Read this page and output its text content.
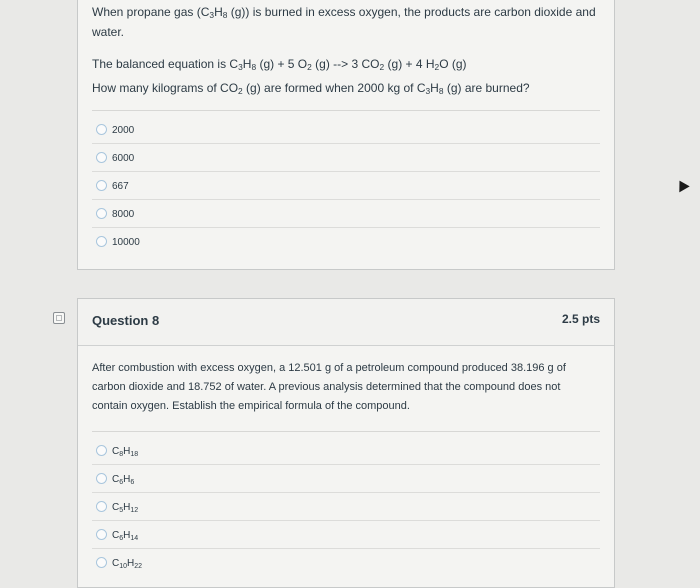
When propane gas ($C_3H_8$ (g)) is burned in excess oxygen, the products are carbon dioxide and water.
The balanced equation is $C_3H_8$ (g) + 5 $O_2$ (g) --> 3 $CO_2$ (g) + 4 $H_2O$ (g)
How many kilograms of $CO_2$ (g) are formed when 2000 kg of $C_3H_8$ (g) are burned?
2000
6000
667
8000
10000
Question 8	2.5 pts
After combustion with excess oxygen, a 12.501 g of a petroleum compound produced 38.196 g of carbon dioxide and 18.752 of water. A previous analysis determined that the compound does not contain oxygen. Establish the empirical formula of the compound.
$C_8H_{18}$
$C_6H_6$
$C_5H_{12}$
$C_6H_{14}$
$C_{10}H_{22}$
